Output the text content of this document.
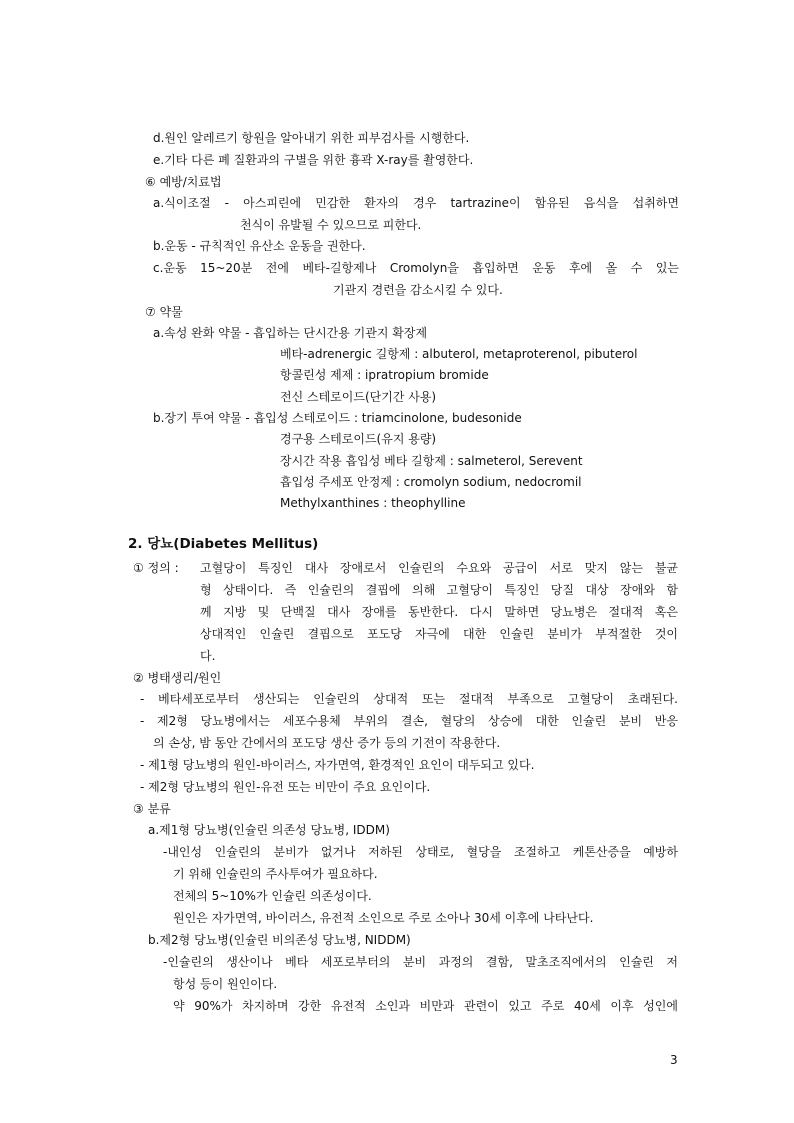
d.원인 알레르기 항원을 알아내기 위한 피부검사를 시행한다.
e.기타 다른 폐 질환과의 구별을 위한 흉곽 X-ray를 촬영한다.
⑥ 예방/치료법
a.식이조절 - 아스피린에 민감한 환자의 경우 tartrazine이 함유된 음식을 섭취하면
천식이 유발될 수 있으므로 피한다.
b.운동 - 규칙적인 유산소 운동을 권한다.
c.운동 15~20분 전에 베타-길항제나 Cromolyn을 흡입하면 운동 후에 올 수 있는
기관지 경련을 감소시킬 수 있다.
⑦ 약물
a.속성 완화 약물 - 흡입하는 단시간용 기관지 확장제
베타-adrenergic 길항제 : albuterol, metaproterenol, pibuterol
항콜린성 제제 : ipratropium bromide
전신 스테로이드(단기간 사용)
b.장기 투여 약물 - 흡입성 스테로이드 : triamcinolone, budesonide
경구용 스테로이드(유지 용량)
장시간 작용 흡입성 베타 길항제 : salmeterol, Serevent
흡입성 주세포 안정제 : cromolyn sodium, nedocromil
Methylxanthines : theophylline
2. 당뇨(Diabetes Mellitus)
① 정의 : 고혈당이 특징인 대사 장애로서 인슐린의 수요와 공급이 서로 맞지 않는 불균
형 상태이다. 즉 인슐린의 결핍에 의해 고혈당이 특징인 당질 대상 장애와 함
께 지방 및 단백질 대사 장애를 동반한다. 다시 말하면 당뇨병은 절대적 혹은
상대적인 인슐린 결핍으로 포도당 자극에 대한 인슐린 분비가 부적절한 것이
다.
② 병태생리/원인
- 베타세포로부터 생산되는 인슐린의 상대적 또는 절대적 부족으로 고혈당이 초래된다.
- 제2형 당뇨병에서는 세포수용체 부위의 결손, 혈당의 상승에 대한 인슐린 분비 반응
의 손상, 밤 동안 간에서의 포도당 생산 증가 등의 기전이 작용한다.
- 제1형 당뇨병의 원인-바이러스, 자가면역, 환경적인 요인이 대두되고 있다.
- 제2형 당뇨병의 원인-유전 또는 비만이 주요 요인이다.
③ 분류
a.제1형 당뇨병(인슐린 의존성 당뇨병, IDDM)
-내인성 인슐린의 분비가 없거나 저하된 상태로, 혈당을 조절하고 케톤산증을 예방하
기 위해 인슐린의 주사투여가 필요하다.
전체의 5~10%가 인슐린 의존성이다.
원인은 자가면역, 바이러스, 유전적 소인으로 주로 소아나 30세 이후에 나타난다.
b.제2형 당뇨병(인슐린 비의존성 당뇨병, NIDDM)
-인슐린의 생산이나 베타 세포로부터의 분비 과정의 결함, 말초조직에서의 인슐린 저
항성 등이 원인이다.
약 90%가 차지하며 강한 유전적 소인과 비만과 관련이 있고 주로 40세 이후 성인에
3
